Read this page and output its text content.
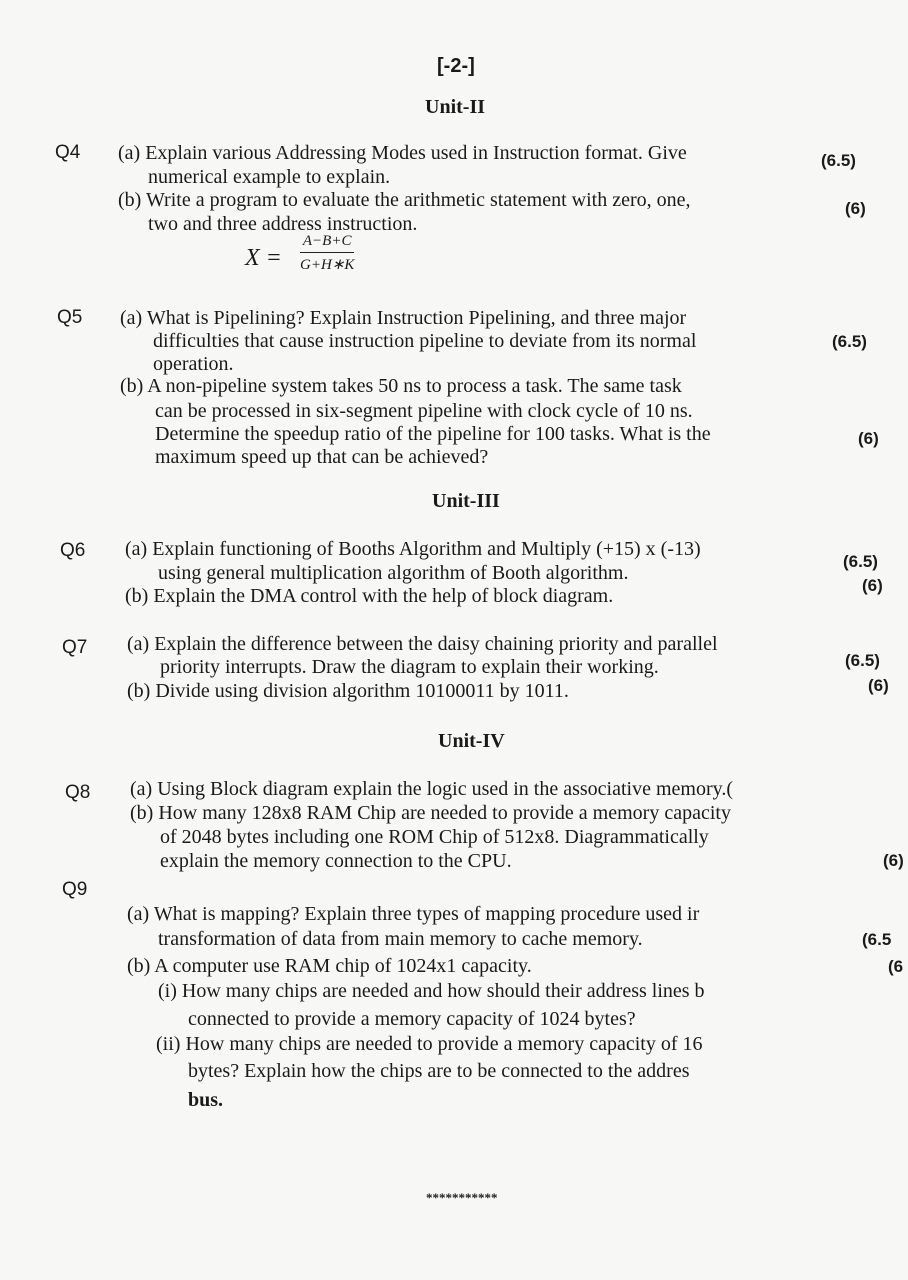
[-2-]
Unit-II
Q4 (a) Explain various Addressing Modes used in Instruction format. Give
numerical example to explain.
(6.5)
(b) Write a program to evaluate the arithmetic statement with zero, one,
two and three address instruction.
(6)
$X = \frac{A-B+C}{G+H∗K}$
Q5 (a) What is Pipelining? Explain Instruction Pipelining, and three major
difficulties that cause instruction pipeline to deviate from its normal
operation.
(6.5)
(b) A non-pipeline system takes 50 ns to process a task. The same task
can be processed in six-segment pipeline with clock cycle of 10 ns.
Determine the speedup ratio of the pipeline for 100 tasks. What is the
maximum speed up that can be achieved?
(6)
Unit-III
Q6 (a) Explain functioning of Booths Algorithm and Multiply (+15) x (-13)
using general multiplication algorithm of Booth algorithm.
(6.5)
(b) Explain the DMA control with the help of block diagram.	(6)
Q7 (a) Explain the difference between the daisy chaining priority and parallel
priority interrupts. Draw the diagram to explain their working.	(6.5)
(b) Divide using division algorithm 10100011 by 1011.	(6)
Unit-IV
Q8 (a) Using Block diagram explain the logic used in the associative memory.(
(b) How many 128x8 RAM Chip are needed to provide a memory capacity
of 2048 bytes including one ROM Chip of 512x8. Diagrammatically
explain the memory connection to the CPU.	(6)
Q9
(a) What is mapping? Explain three types of mapping procedure used ir
transformation of data from main memory to cache memory.	(6.5
(b) A computer use RAM chip of 1024x1 capacity.	(6
(i) How many chips are needed and how should their address lines b
connected to provide a memory capacity of 1024 bytes?
(ii) How many chips are needed to provide a memory capacity of 16
bytes? Explain how the chips are to be connected to the addres
bus.
***********
